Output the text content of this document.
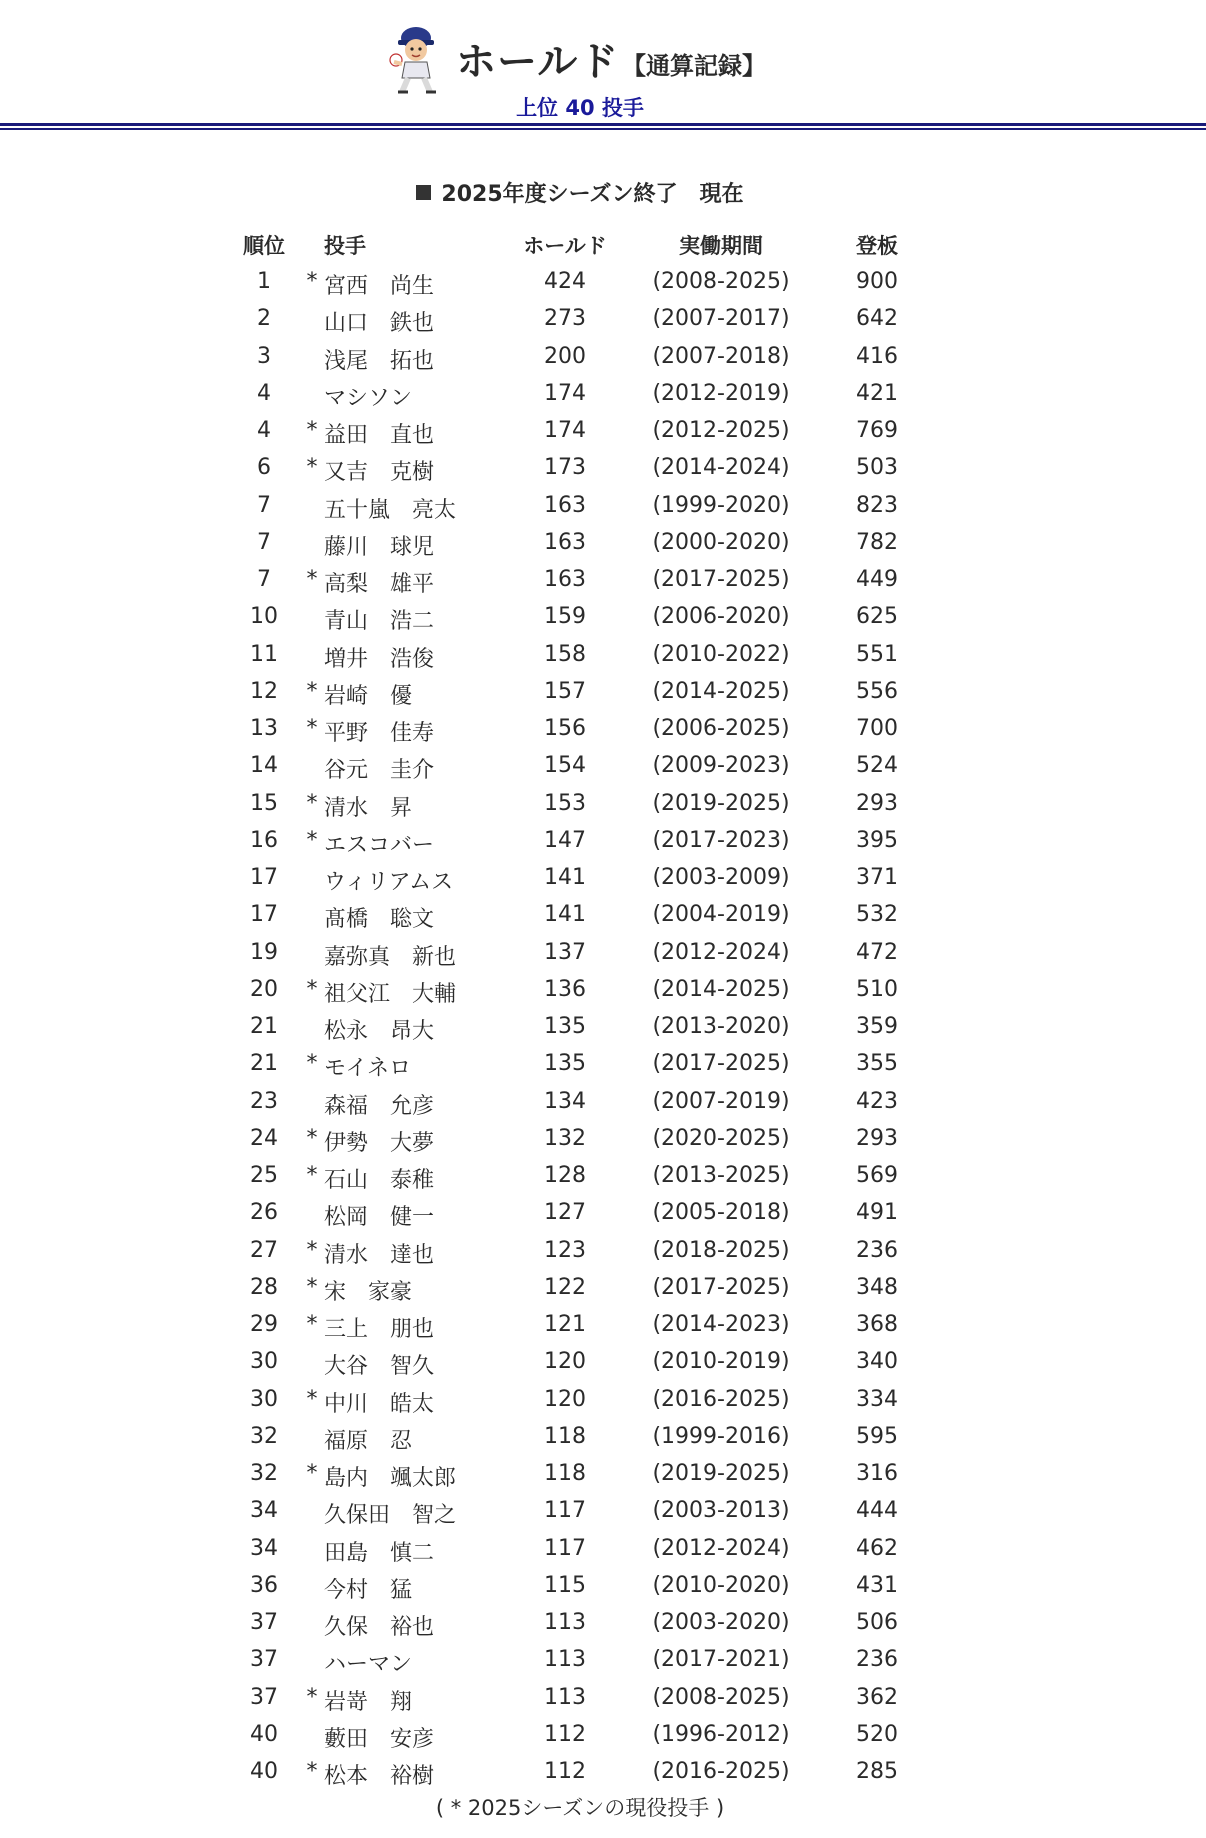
ホールド 【通算記録】
上位 40 投手
2025年度シーズン終了　現在
順位	投手	ホールド	実働期間	登板
1	* 宮西　尚生	424	(2008-2025)	900
2	山口　鉄也	273	(2007-2017)	642
3	浅尾　拓也	200	(2007-2018)	416
4	マシソン	174	(2012-2019)	421
4	* 益田　直也	174	(2012-2025)	769
6	* 又吉　克樹	173	(2014-2024)	503
7	五十嵐　亮太	163	(1999-2020)	823
7	藤川　球児	163	(2000-2020)	782
7	* 高梨　雄平	163	(2017-2025)	449
10	青山　浩二	159	(2006-2020)	625
11	増井　浩俊	158	(2010-2022)	551
12	* 岩崎　優	157	(2014-2025)	556
13	* 平野　佳寿	156	(2006-2025)	700
14	谷元　圭介	154	(2009-2023)	524
15	* 清水　昇	153	(2019-2025)	293
16	* エスコバー	147	(2017-2023)	395
17	ウィリアムス	141	(2003-2009)	371
17	髙橋　聡文	141	(2004-2019)	532
19	嘉弥真　新也	137	(2012-2024)	472
20	* 祖父江　大輔	136	(2014-2025)	510
21	松永　昂大	135	(2013-2020)	359
21	* モイネロ	135	(2017-2025)	355
23	森福　允彦	134	(2007-2019)	423
24	* 伊勢　大夢	132	(2020-2025)	293
25	* 石山　泰稚	128	(2013-2025)	569
26	松岡　健一	127	(2005-2018)	491
27	* 清水　達也	123	(2018-2025)	236
28	* 宋　家豪	122	(2017-2025)	348
29	* 三上　朋也	121	(2014-2023)	368
30	大谷　智久	120	(2010-2019)	340
30	* 中川　皓太	120	(2016-2025)	334
32	福原　忍	118	(1999-2016)	595
32	* 島内　颯太郎	118	(2019-2025)	316
34	久保田　智之	117	(2003-2013)	444
34	田島　慎二	117	(2012-2024)	462
36	今村　猛	115	(2010-2020)	431
37	久保　裕也	113	(2003-2020)	506
37	ハーマン	113	(2017-2021)	236
37	* 岩嵜　翔	113	(2008-2025)	362
40	藪田　安彦	112	(1996-2012)	520
40	* 松本　裕樹	112	(2016-2025)	285
( * 2025シーズンの現役投手 )
